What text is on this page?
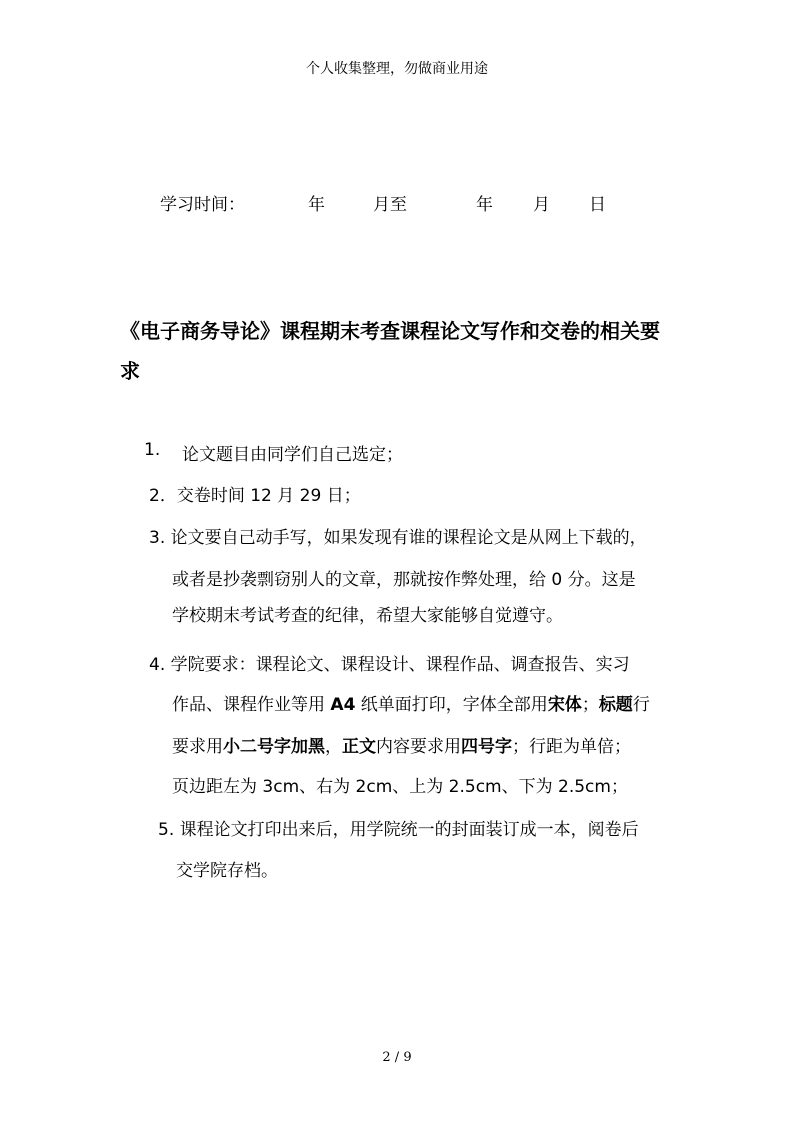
个人收集整理，勿做商业用途
学习时间：	年	月至	年 月 日
《电子商务导论》课程期末考查课程论文写作和交卷的相关要
求
1. 论文题目由同学们自己选定；
2．交卷时间 12 月 29 日；
3. 论文要自己动手写，如果发现有谁的课程论文是从网上下载的，
或者是抄袭剽窃别人的文章，那就按作弊处理，给 0 分。这是
学校期末考试考查的纪律，希望大家能够自觉遵守。
4. 学院要求：课程论文、课程设计、课程作品、调查报告、实习
作品、课程作业等用 A4 纸单面打印，字体全部用宋体；标题行
要求用小二号字加黑，正文内容要求用四号字；行距为单倍；
页边距左为 3cm、右为 2cm、上为 2.5cm、下为 2.5cm；
5. 课程论文打印出来后，用学院统一的封面装订成一本，阅卷后
交学院存档。
2 / 9
